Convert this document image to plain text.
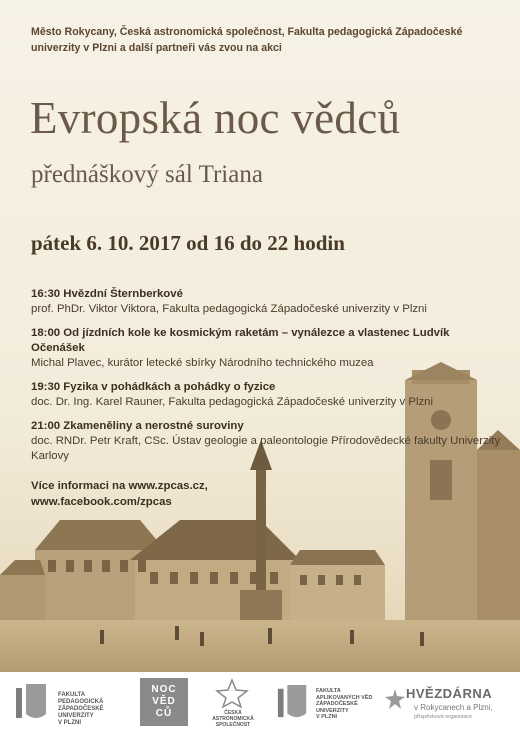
Město Rokycany, Česká astronomická společnost, Fakulta pedagogická Západočeské univerzity v Plzni a další partneři vás zvou na akci
Evropská noc vědců
přednáškový sál Triana
pátek 6. 10. 2017 od 16 do 22 hodin
16:30 Hvězdní Šternberkové
prof. PhDr. Viktor Viktora, Fakulta pedagogická Západočeské univerzity v Plzni
18:00 Od jízdních kole ke kosmickým raketám – vynálezce a vlastenec Ludvík Očenášek
Michal Plavec, kurátor letecké sbírky Národního technického muzea
19:30 Fyzika v pohádkách a pohádky o fyzice
doc. Dr. Ing. Karel Rauner, Fakulta pedagogická Západočeské univerzity v Plzni
21:00 Zkameněliny a nerostné suroviny
doc. RNDr. Petr Kraft, CSc. Ústav geologie a paleontologie Přírodovědecké fakulty Univerzity Karlovy
Více informaci na www.zpcas.cz,
www.facebook.com/zpcas
FAKULTA PEDAGOGICKÁ
ZÁPADOČESKÉ
UNIVERZITY
V PLZNI
NOC
VĚD
CŮ	ČESKÁ
ASTRONOMICKÁ
SPOLEČNOST
FAKULTA
APLIKOVANÝCH VĚD
ZÁPADOČESKÉ
UNIVERZITY
V PLZNI
HVĚZDÁRNA
v Rokycanech a Plzni,
příspěvková organizace
